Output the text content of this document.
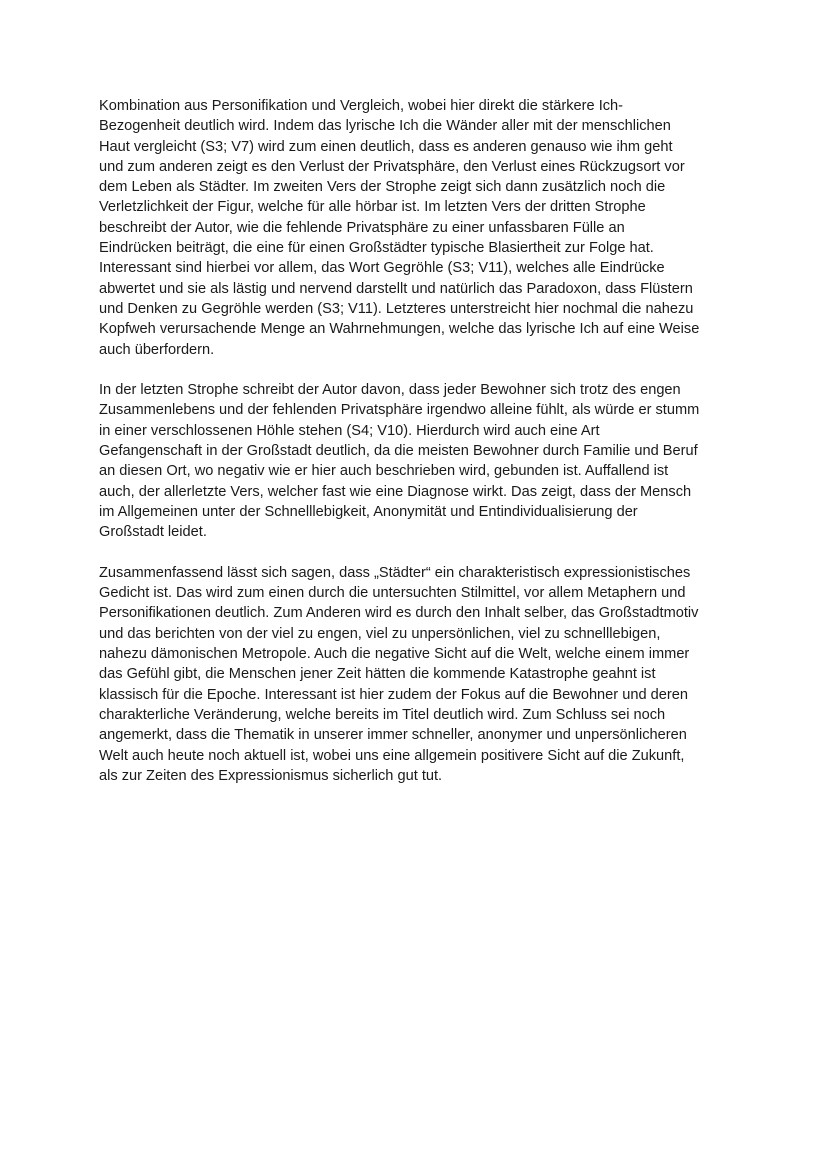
Kombination aus Personifikation und Vergleich, wobei hier direkt die stärkere Ich-
Bezogenheit deutlich wird. Indem das lyrische Ich die Wänder aller mit der menschlichen
Haut vergleicht (S3; V7) wird zum einen deutlich, dass es anderen genauso wie ihm geht
und zum anderen zeigt es den Verlust der Privatsphäre, den Verlust eines Rückzugsort vor
dem Leben als Städter. Im zweiten Vers der Strophe zeigt sich dann zusätzlich noch die
Verletzlichkeit der Figur, welche für alle hörbar ist. Im letzten Vers der dritten Strophe
beschreibt der Autor, wie die fehlende Privatsphäre zu einer unfassbaren Fülle an
Eindrücken beiträgt, die eine für einen Großstädter typische Blasiertheit zur Folge hat.
Interessant sind hierbei vor allem, das Wort Gegröhle (S3; V11), welches alle Eindrücke
abwertet und sie als lästig und nervend darstellt und natürlich das Paradoxon, dass Flüstern
und Denken zu Gegröhle werden (S3; V11). Letzteres unterstreicht hier nochmal die nahezu
Kopfweh verursachende Menge an Wahrnehmungen, welche das lyrische Ich auf eine Weise
auch überfordern.
In der letzten Strophe schreibt der Autor davon, dass jeder Bewohner sich trotz des engen
Zusammenlebens und der fehlenden Privatsphäre irgendwo alleine fühlt, als würde er stumm
in einer verschlossenen Höhle stehen (S4; V10). Hierdurch wird auch eine Art
Gefangenschaft in der Großstadt deutlich, da die meisten Bewohner durch Familie und Beruf
an diesen Ort, wo negativ wie er hier auch beschrieben wird, gebunden ist. Auffallend ist
auch, der allerletzte Vers, welcher fast wie eine Diagnose wirkt. Das zeigt, dass der Mensch
im Allgemeinen unter der Schnelllebigkeit, Anonymität und Entindividualisierung der
Großstadt leidet.
Zusammenfassend lässt sich sagen, dass „Städter“ ein charakteristisch expressionistisches
Gedicht ist. Das wird zum einen durch die untersuchten Stilmittel, vor allem Metaphern und
Personifikationen deutlich. Zum Anderen wird es durch den Inhalt selber, das Großstadtmotiv
und das berichten von der viel zu engen, viel zu unpersönlichen, viel zu schnelllebigen,
nahezu dämonischen Metropole. Auch die negative Sicht auf die Welt, welche einem immer
das Gefühl gibt, die Menschen jener Zeit hätten die kommende Katastrophe geahnt ist
klassisch für die Epoche. Interessant ist hier zudem der Fokus auf die Bewohner und deren
charakterliche Veränderung, welche bereits im Titel deutlich wird. Zum Schluss sei noch
angemerkt, dass die Thematik in unserer immer schneller, anonymer und unpersönlicheren
Welt auch heute noch aktuell ist, wobei uns eine allgemein positivere Sicht auf die Zukunft,
als zur Zeiten des Expressionismus sicherlich gut tut.
